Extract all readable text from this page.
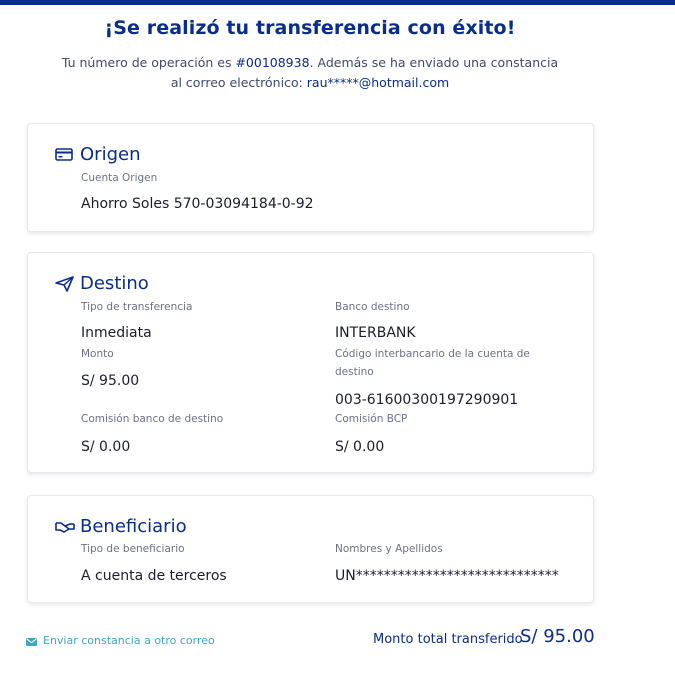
¡Se realizó tu transferencia con éxito!

Tu número de operación es #00108938. Además se ha enviado una constancia al correo electrónico: rau*****@hotmail.com

Origen
Cuenta Origen
Ahorro Soles 570-03094184-0-92
Destino
Tipo de transferencia
Inmediata
Banco destino
INTERBANK
Monto
S/ 95.00
Código interbancario de la cuenta de destino
003-61600300197290901
Comisión banco de destino
S/ 0.00
Comisión BCP
S/ 0.00
Beneficiario
Tipo de beneficiario
A cuenta de terceros
Nombres y Apellidos
UN*****************************
Enviar constancia a otro correo	Monto total transferido
S/ 95.00
